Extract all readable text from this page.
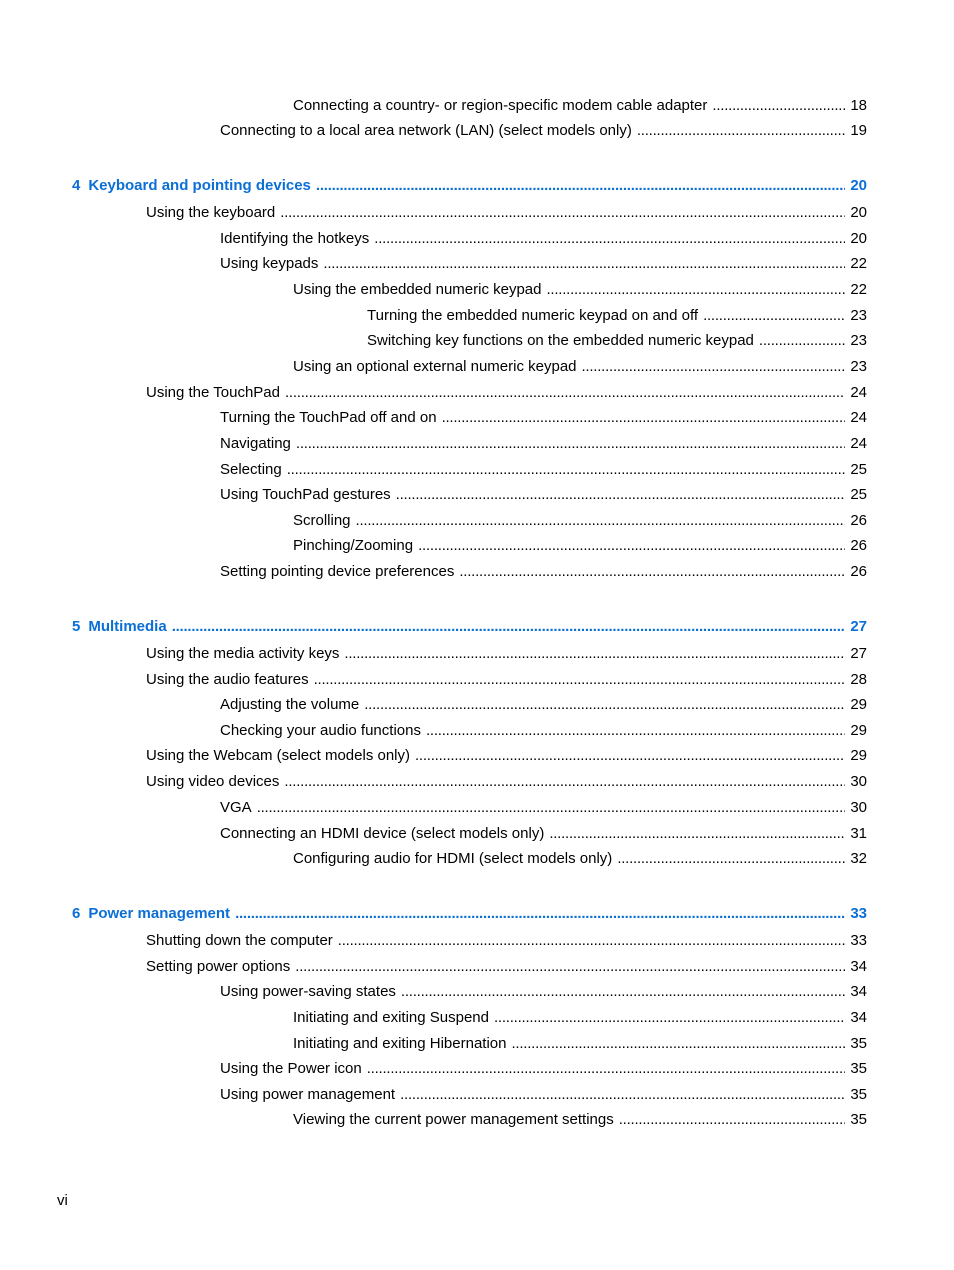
Connecting a country- or region-specific modem cable adapter . . .	18
Connecting to a local area network (LAN) (select models only) . . .	19
4 Keyboard and pointing devices . . .	20
Using the keyboard . . .	20
Identifying the hotkeys . . .	20
Using keypads . . .	22
Using the embedded numeric keypad . . .	22
Turning the embedded numeric keypad on and off . . .	23
Switching key functions on the embedded numeric keypad . . .	23
Using an optional external numeric keypad . . .	23
Using the TouchPad . . .	24
Turning the TouchPad off and on . . .	24
Navigating . . .	24
Selecting . . .	25
Using TouchPad gestures . . .	25
Scrolling . . .	26
Pinching/Zooming . . .	26
Setting pointing device preferences . . .	26
5 Multimedia . . .	27
Using the media activity keys . . .	27
Using the audio features . . .	28
Adjusting the volume . . .	29
Checking your audio functions . . .	29
Using the Webcam (select models only) . . .	29
Using video devices . . .	30
VGA . . .	30
Connecting an HDMI device (select models only) . . .	31
Configuring audio for HDMI (select models only) . . .	32
6 Power management . . .	33
Shutting down the computer . . .	33
Setting power options . . .	34
Using power-saving states . . .	34
Initiating and exiting Suspend . . .	34
Initiating and exiting Hibernation . . .	35
Using the Power icon . . .	35
Using power management . . .	35
Viewing the current power management settings . . .	35
vi
